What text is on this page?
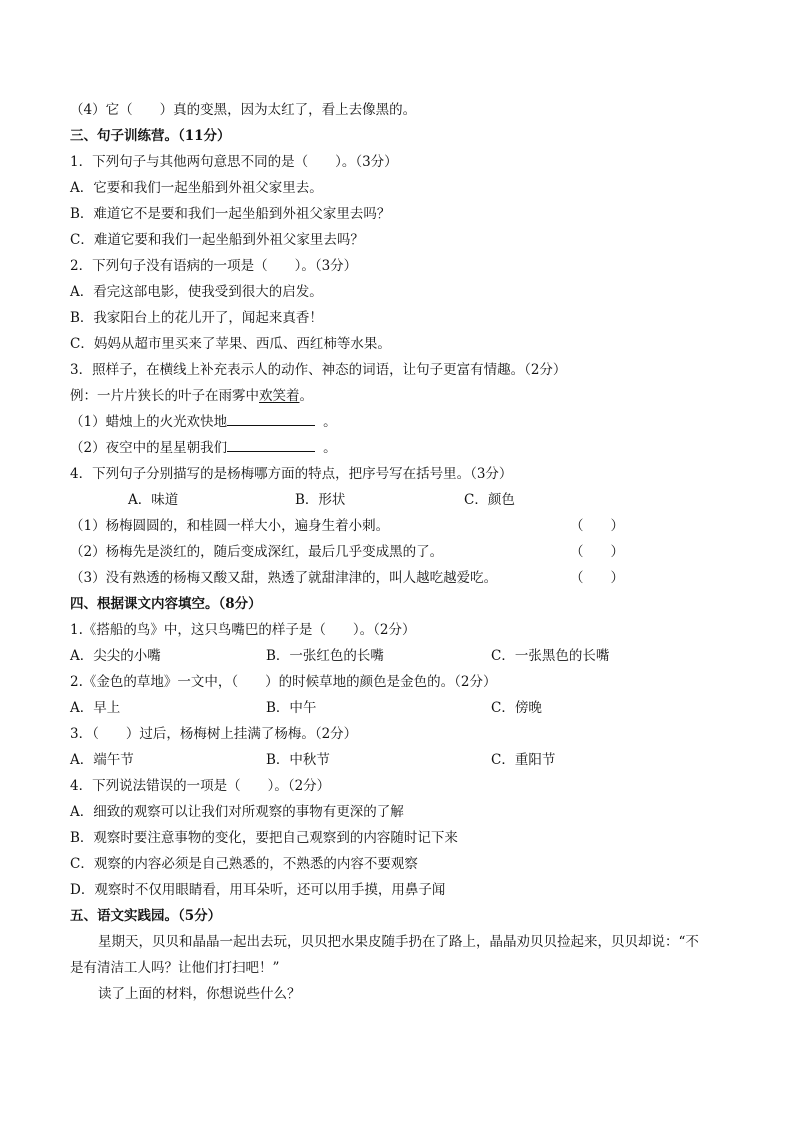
（4）它（　　）真的变黑，因为太红了，看上去像黑的。
三、句子训练营。（11分）
1．下列句子与其他两句意思不同的是（　　）。（3分）
A．它要和我们一起坐船到外祖父家里去。
B．难道它不是要和我们一起坐船到外祖父家里去吗？
C．难道它要和我们一起坐船到外祖父家里去吗？
2．下列句子没有语病的一项是（　　）。（3分）
A．看完这部电影，使我受到很大的启发。
B．我家阳台上的花儿开了，闻起来真香！
C．妈妈从超市里买来了苹果、西瓜、西红柿等水果。
3．照样子，在横线上补充表示人的动作、神态的词语，让句子更富有情趣。（2分）
例：一片片狭长的叶子在雨雾中欢笑着。
（1）蜡烛上的火光欢快地	。
（2）夜空中的星星朝我们	。
4．下列句子分别描写的是杨梅哪方面的特点，把序号写在括号里。（3分）
A．味道	B．形状	C．颜色
（1）杨梅圆圆的，和桂圆一样大小，遍身生着小刺。	（　　）
（2）杨梅先是淡红的，随后变成深红，最后几乎变成黑的了。	（　　）
（3）没有熟透的杨梅又酸又甜，熟透了就甜津津的，叫人越吃越爱吃。	（　　）
四、根据课文内容填空。（8分）
1.《搭船的鸟》中，这只鸟嘴巴的样子是（　　）。（2分）
A．尖尖的小嘴	B．一张红色的长嘴	C．一张黑色的长嘴
2.《金色的草地》一文中，（　　）的时候草地的颜色是金色的。（2分）
A．早上	B．中午	C．傍晚
3．（　　）过后，杨梅树上挂满了杨梅。（2分）
A．端午节	B．中秋节	C．重阳节
4．下列说法错误的一项是（　　）。（2分）
A．细致的观察可以让我们对所观察的事物有更深的了解
B．观察时要注意事物的变化，要把自己观察到的内容随时记下来
C．观察的内容必须是自己熟悉的，不熟悉的内容不要观察
D．观察时不仅用眼睛看，用耳朵听，还可以用手摸，用鼻子闻
五、语文实践园。（5分）
星期天，贝贝和晶晶一起出去玩，贝贝把水果皮随手扔在了路上，晶晶劝贝贝捡起来，贝贝却说：“不
是有清洁工人吗？让他们打扫吧！”
读了上面的材料，你想说些什么？
